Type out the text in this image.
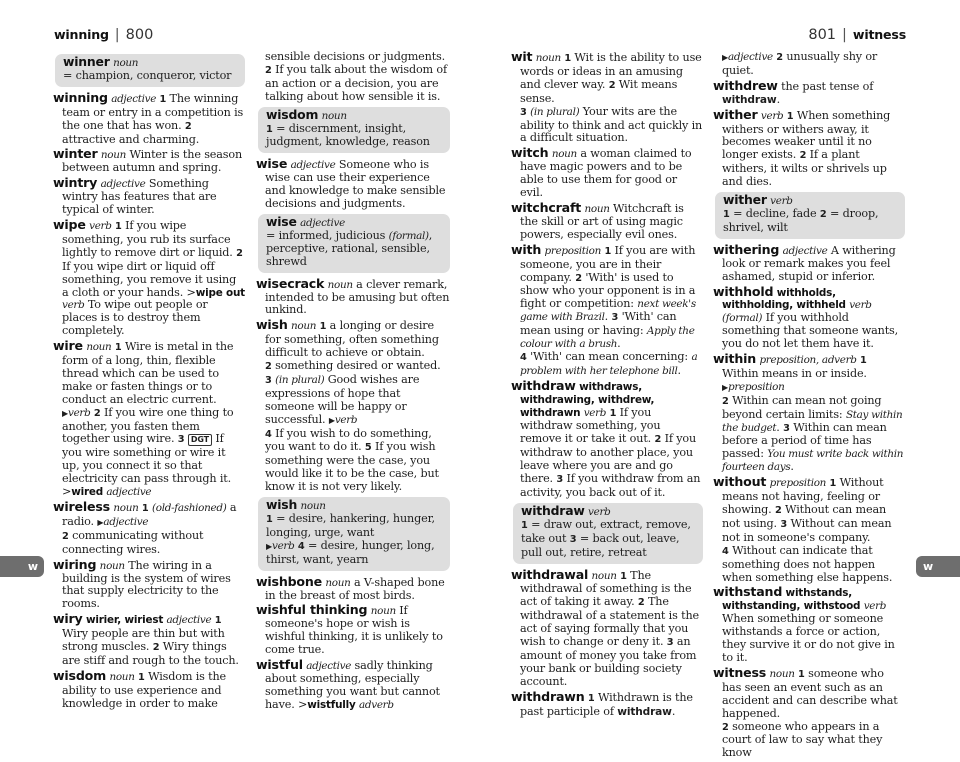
winning | 800	801 | witness
winner noun
= champion, conqueror, victor
winning adjective 1 The winning team or entry in a competition is the one that has won. 2 attractive and charming.
winter noun Winter is the season between autumn and spring.
wintry adjective Something wintry has features that are typical of winter.
wipe verb 1 If you wipe something, you rub its surface lightly to remove dirt or liquid. 2 If you wipe dirt or liquid off something, you remove it using a cloth or your hands. >wipe out verb To wipe out people or places is to destroy them completely.
wire noun 1 Wire is metal in the form of a long, thin, flexible thread which can be used to make or fasten things or to conduct an electric current. ▶verb 2 If you wire one thing to another, you fasten them together using wire. 3 DGT If you wire something or wire it up, you connect it so that electricity can pass through it. >wired adjective
wireless noun 1 (old-fashioned) a radio. ▶adjective
2 communicating without connecting wires.
wiring noun The wiring in a building is the system of wires that supply electricity to the rooms.
wiry wirier, wiriest adjective 1 Wiry people are thin but with strong muscles. 2 Wiry things are stiff and rough to the touch.
wisdom noun 1 Wisdom is the ability to use experience and knowledge in order to make
sensible decisions or judgments. 2 If you talk about the wisdom of an action or a decision, you are talking about how sensible it is.
wisdom noun
1 = discernment, insight, judgment, knowledge, reason
wise adjective Someone who is wise can use their experience and knowledge to make sensible decisions and judgments.
wise adjective
= informed, judicious (formal), perceptive, rational, sensible, shrewd
wisecrack noun a clever remark, intended to be amusing but often unkind.
wish noun 1 a longing or desire for something, often something difficult to achieve or obtain.
2 something desired or wanted.
3 (in plural) Good wishes are expressions of hope that someone will be happy or successful. ▶verb
4 If you wish to do something, you want to do it. 5 If you wish something were the case, you would like it to be the case, but know it is not very likely.
wish noun
1 = desire, hankering, hunger, longing, urge, want
▶verb 4 = desire, hunger, long, thirst, want, yearn
wishbone noun a V-shaped bone in the breast of most birds.
wishful thinking noun If someone's hope or wish is wishful thinking, it is unlikely to come true.
wistful adjective sadly thinking about something, especially something you want but cannot have. >wistfully adverb
wit noun 1 Wit is the ability to use words or ideas in an amusing and clever way. 2 Wit means sense.
3 (in plural) Your wits are the ability to think and act quickly in a difficult situation.
witch noun a woman claimed to have magic powers and to be able to use them for good or evil.
witchcraft noun Witchcraft is the skill or art of using magic powers, especially evil ones.
with preposition 1 If you are with someone, you are in their company. 2 'With' is used to show who your opponent is in a fight or competition: next week's game with Brazil. 3 'With' can mean using or having: Apply the colour with a brush.
4 'With' can mean concerning: a problem with her telephone bill.
withdraw withdraws, withdrawing, withdrew, withdrawn verb 1 If you withdraw something, you remove it or take it out. 2 If you withdraw to another place, you leave where you are and go there. 3 If you withdraw from an activity, you back out of it.
withdraw verb
1 = draw out, extract, remove, take out 3 = back out, leave, pull out, retire, retreat
withdrawal noun 1 The withdrawal of something is the act of taking it away. 2 The withdrawal of a statement is the act of saying formally that you wish to change or deny it. 3 an amount of money you take from your bank or building society account.
withdrawn 1 Withdrawn is the past participle of withdraw.
▶adjective 2 unusually shy or quiet.
withdrew the past tense of withdraw.
wither verb 1 When something withers or withers away, it becomes weaker until it no longer exists. 2 If a plant withers, it wilts or shrivels up and dies.
wither verb
1 = decline, fade 2 = droop, shrivel, wilt
withering adjective A withering look or remark makes you feel ashamed, stupid or inferior.
withhold withholds, withholding, withheld verb (formal) If you withhold something that someone wants, you do not let them have it.
within preposition, adverb 1 Within means in or inside. ▶preposition
2 Within can mean not going beyond certain limits: Stay within the budget. 3 Within can mean before a period of time has passed: You must write back within fourteen days.
without preposition 1 Without means not having, feeling or showing. 2 Without can mean not using. 3 Without can mean not in someone's company.
4 Without can indicate that something does not happen when something else happens.
withstand withstands, withstanding, withstood verb When something or someone withstands a force or action, they survive it or do not give in to it.
witness noun 1 someone who has seen an event such as an accident and can describe what happened.
2 someone who appears in a court of law to say what they know
w	w
